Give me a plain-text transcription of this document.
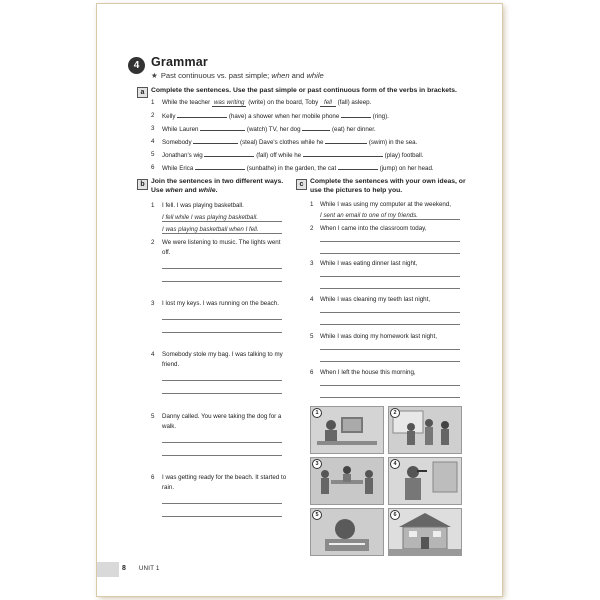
4 Grammar
★ Past continuous vs. past simple; when and while
a Complete the sentences. Use the past simple or past continuous form of the verbs in brackets.
1 While the teacher was writing (write) on the board, Toby fell (fall) asleep.
2 Kelly	(have) a shower when her mobile phone	(ring).
3 While Lauren	(watch) TV, her dog	(eat) her dinner.
4 Somebody	(steal) Dave's clothes while he	(swim) in the sea.
5 Jonathan's wig	(fall) off while he	(play) football.
6 While Erica	(sunbathe) in the garden, the cat	(jump) on her head.
b Join the sentences in two different ways.
Use when and while.
1 I fell. I was playing basketball.
I fell while I was playing basketball.
I was playing basketball when I fell.
2 We were listening to music. The lights went off.
3 I lost my keys. I was running on the beach.
4 Somebody stole my bag. I was talking to my friend.
5 Danny called. You were taking the dog for a walk.
6 I was getting ready for the beach. It started to rain.
c Complete the sentences with your own ideas, or use the pictures to help you.
1 While I was using my computer at the weekend,
I sent an email to one of my friends.
2 When I came into the classroom today,
3 While I was eating dinner last night,
4 While I was cleaning my teeth last night,
5 While I was doing my homework last night,
6 When I left the house this morning,
1	2
3	4
5	6
8 UNIT 1
